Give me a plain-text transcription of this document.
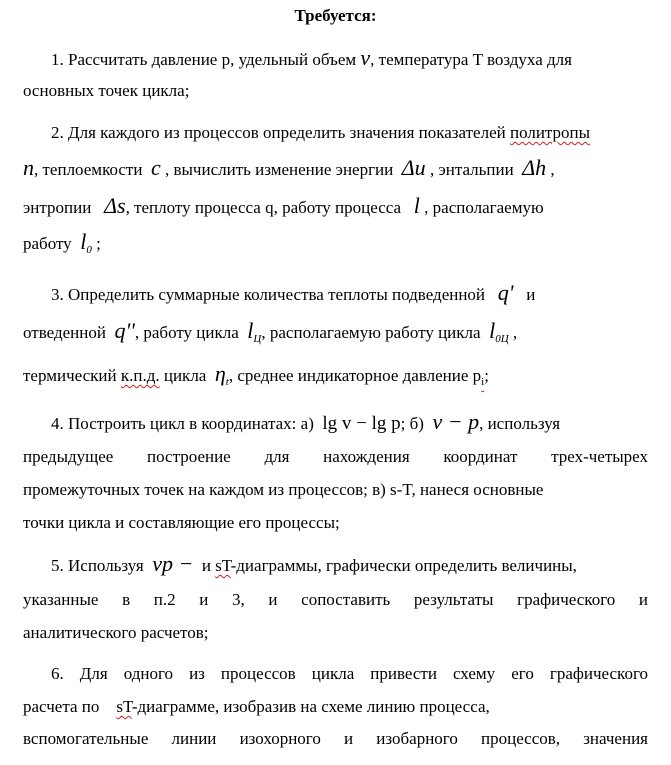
Требуется:
1. Рассчитать давление p, удельный объем v, температура T воздуха для
основных точек цикла;
2. Для каждого из процессов определить значения показателей политропы
n, теплоемкости c , вычислить изменение энергии Δu , энтальпии Δh ,
энтропии Δs, теплоту процесса q, работу процесса l , располагаемую
работу $l_0$ ;
3. Определить суммарные количества теплоты подведенной q' и
отведенной q'', работу цикла $l_Ц$, располагаемую работу цикла $l_{0Ц}$ ,
термический к.п.д. цикла $\eta_t$, среднее индикаторное давление $p_i$;
4. Построить цикл в координатах: а) lg v − lg p; б) v − p, используя
предыдущее построение для нахождения координат трех-четырех
промежуточных точек на каждом из процессов; в) s-T, нанеся основные
точки цикла и составляющие его процессы;
5. Используя vp − и sT-диаграммы, графически определить величины,
указанные в п.2 и 3, и сопоставить результаты графического и
аналитического расчетов;
6. Для одного из процессов цикла привести схему его графического
расчета по sT-диаграмме, изобразив на схеме линию процесса,
вспомогательные линии изохорного и изобарного процессов, значения
